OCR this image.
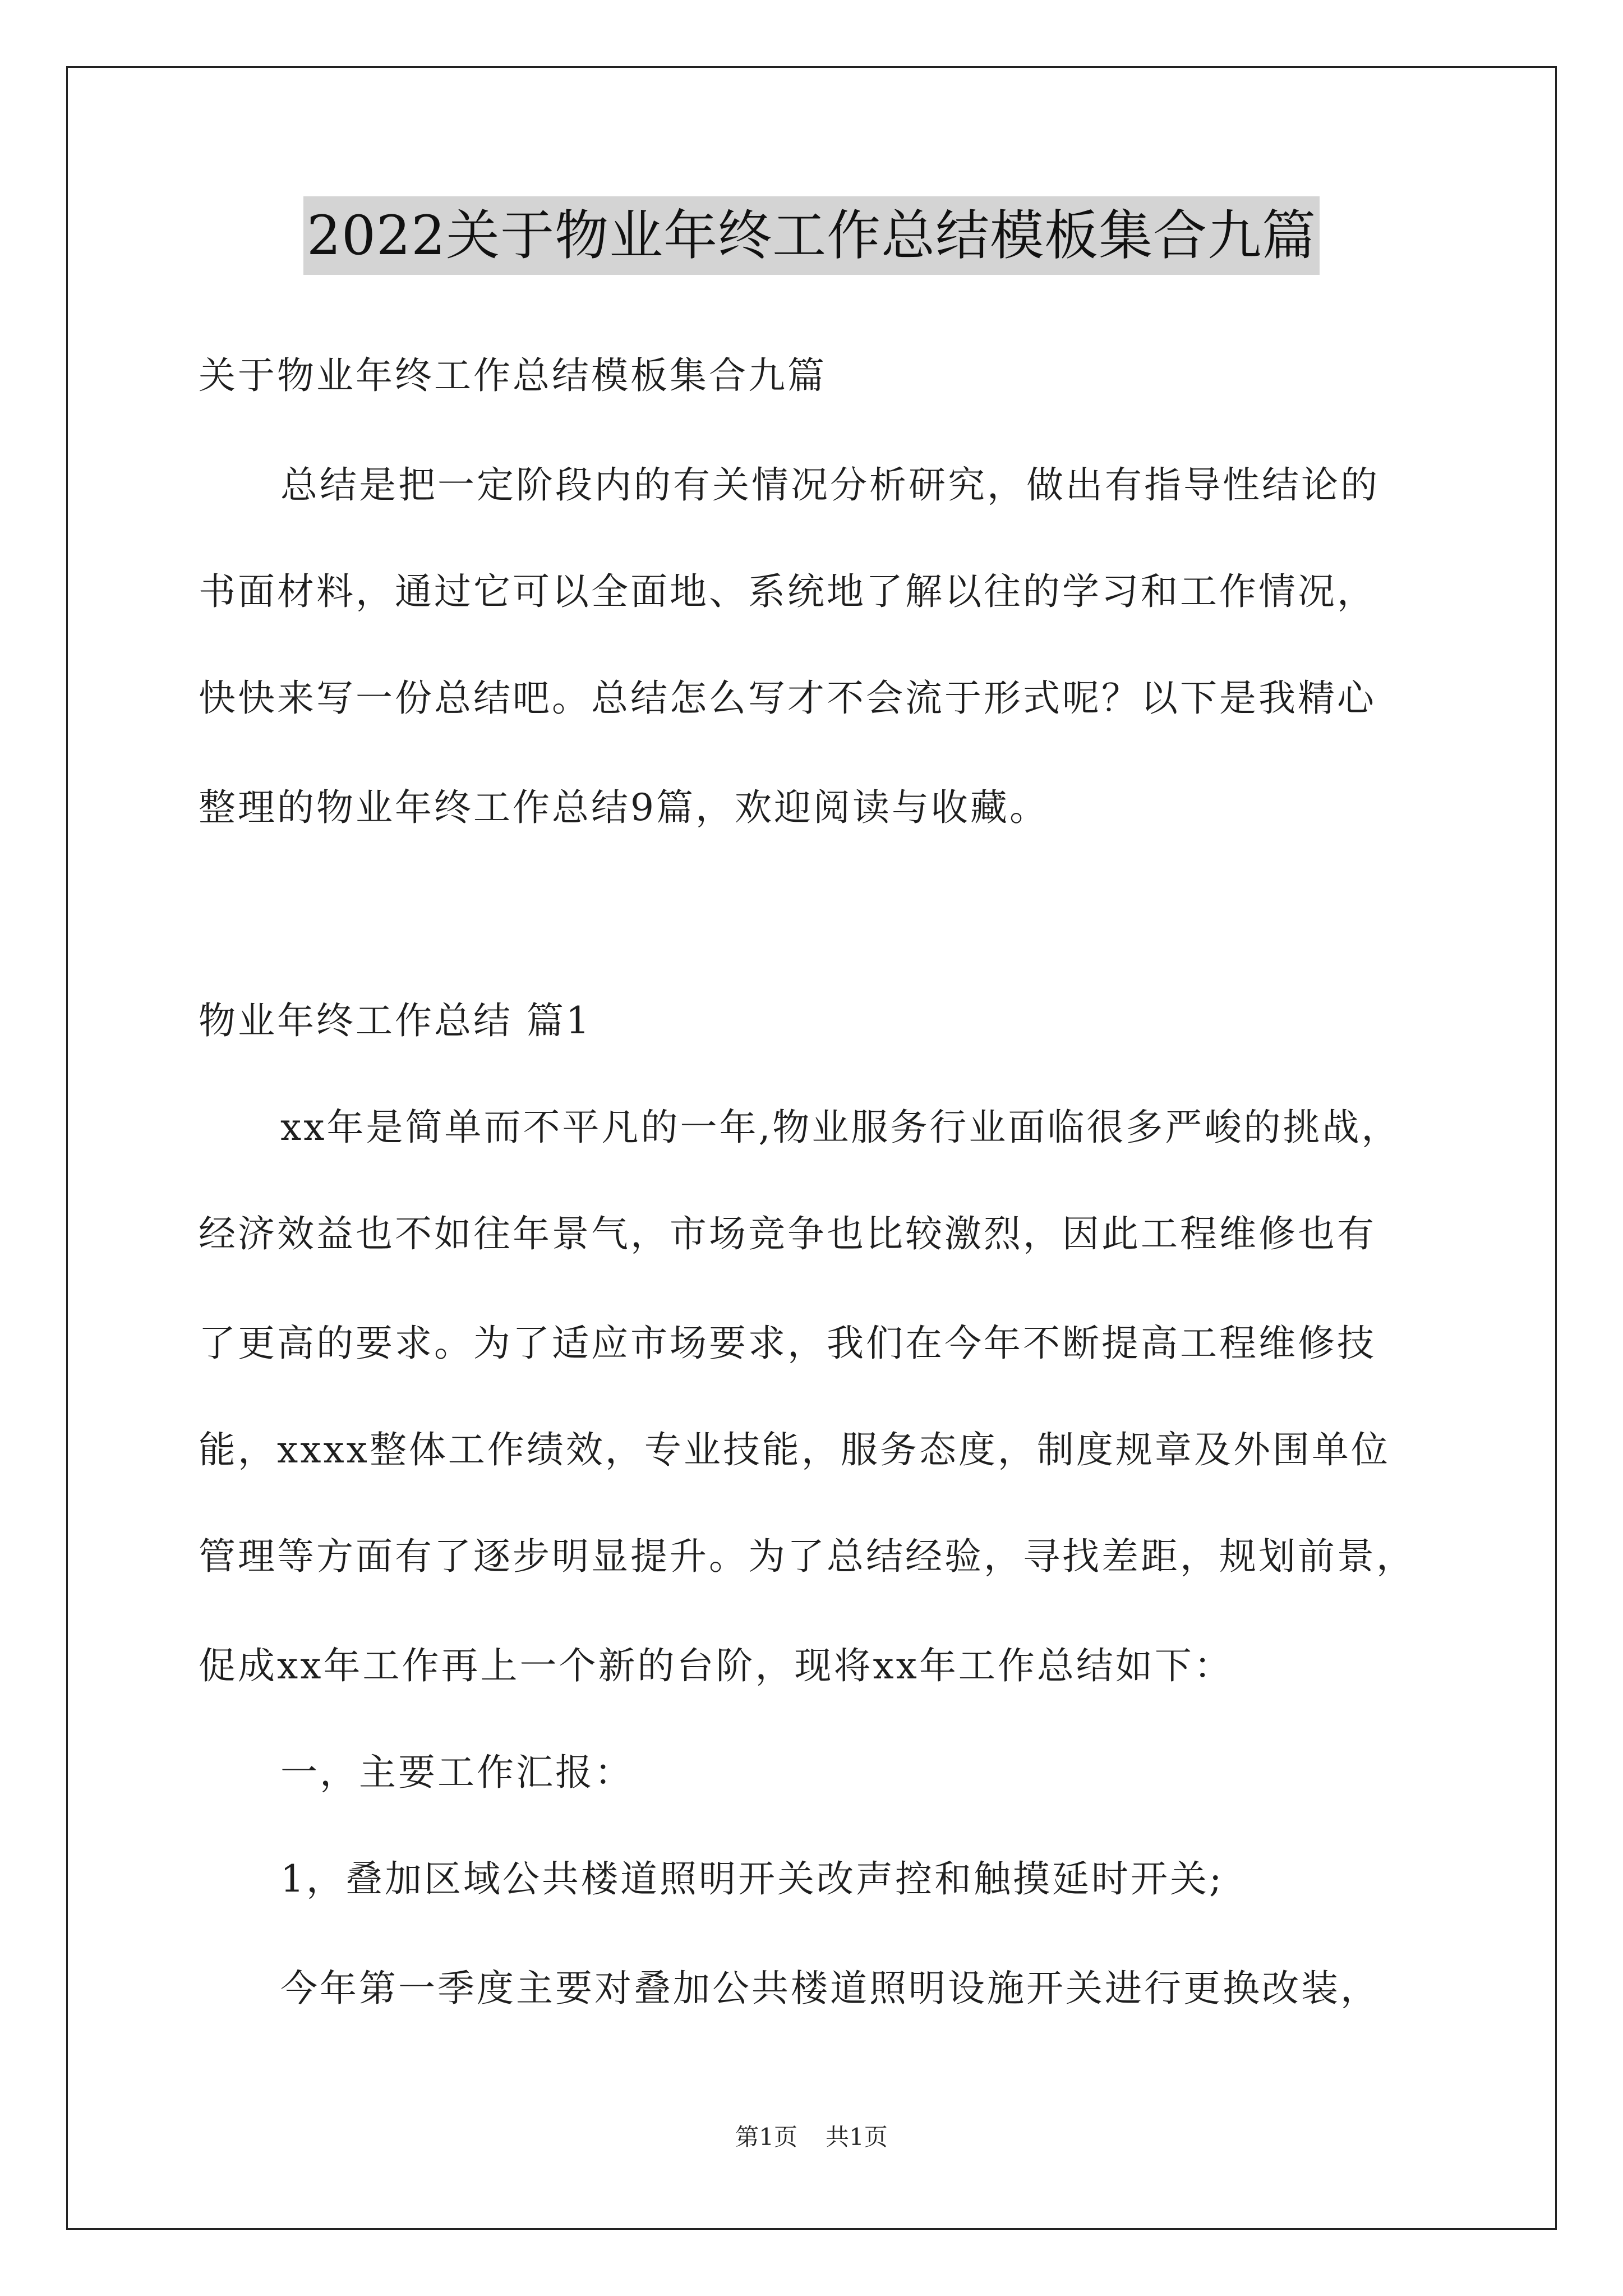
2022关于物业年终工作总结模板集合九篇
关于物业年终工作总结模板集合九篇
总结是把一定阶段内的有关情况分析研究，做出有指导性结论的
书面材料，通过它可以全面地、系统地了解以往的学习和工作情况，
快快来写一份总结吧。总结怎么写才不会流于形式呢？以下是我精心
整理的物业年终工作总结9篇，欢迎阅读与收藏。
物业年终工作总结 篇1
xx年是简单而不平凡的一年,物业服务行业面临很多严峻的挑战，
经济效益也不如往年景气，市场竞争也比较激烈，因此工程维修也有
了更高的要求。为了适应市场要求，我们在今年不断提高工程维修技
能，xxxx整体工作绩效，专业技能，服务态度，制度规章及外围单位
管理等方面有了逐步明显提升。为了总结经验，寻找差距，规划前景，
促成xx年工作再上一个新的台阶，现将xx年工作总结如下：
一，主要工作汇报：
1，叠加区域公共楼道照明开关改声控和触摸延时开关;
今年第一季度主要对叠加公共楼道照明设施开关进行更换改装，
第1页 共1页
